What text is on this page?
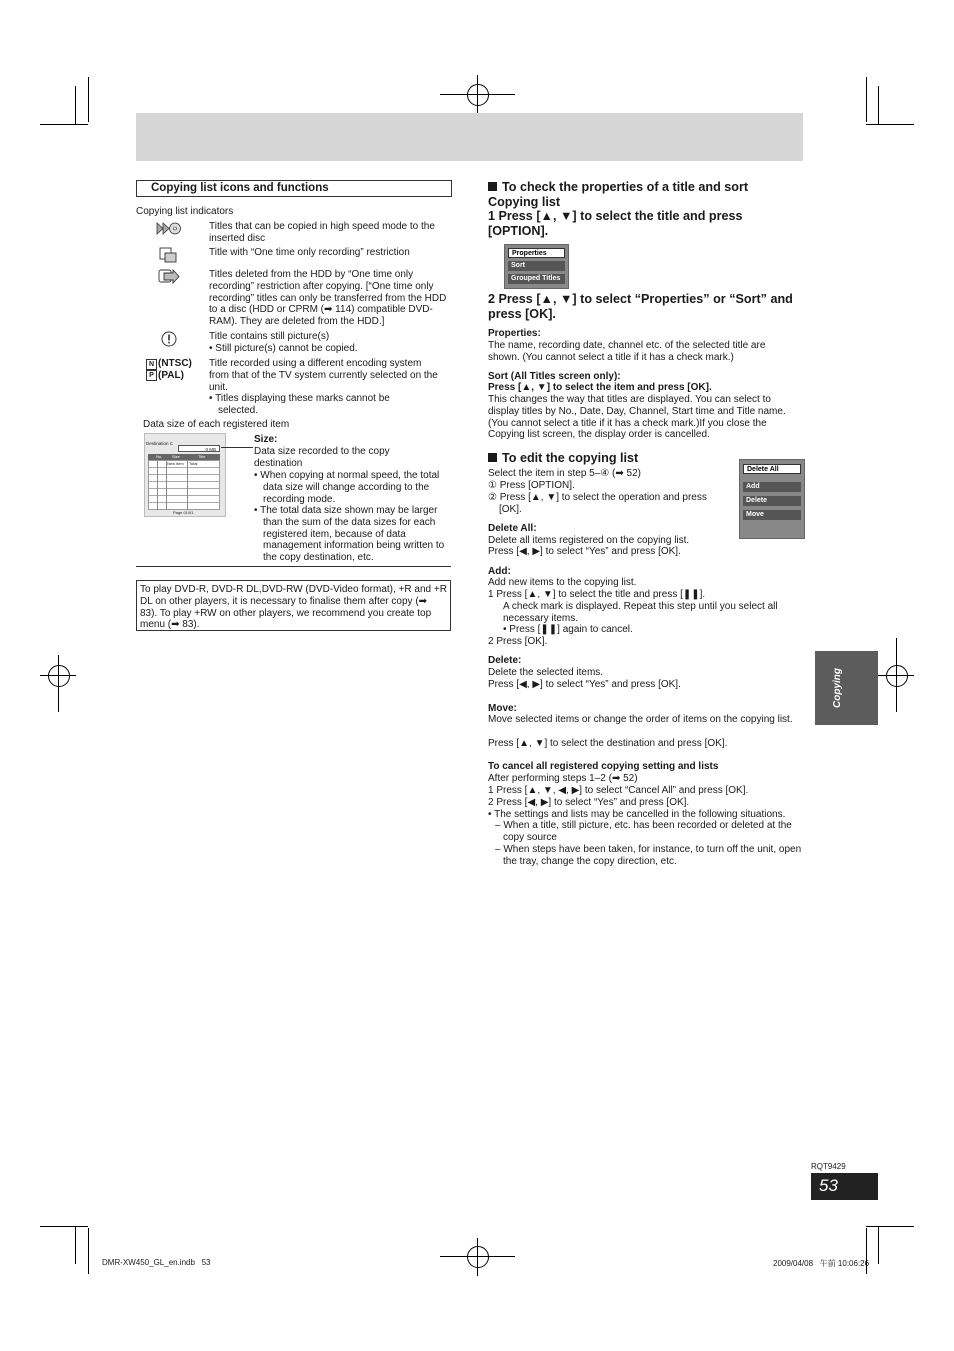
Copying list icons and functions
Copying list indicators
Titles that can be copied in high speed mode to the inserted disc
Title with “One time only recording” restriction
Titles deleted from the HDD by “One time only recording” restriction after copying. [“One time only recording” titles can only be transferred from the HDD to a disc (HDD or CPRM (➡ 114) compatible DVD-RAM). They are deleted from the HDD.]
Title contains still picture(s)
• Still picture(s) cannot be copied.
N (NTSC)
P (PAL)
Title recorded using a different encoding system from that of the TV system currently selected on the unit.
• Titles displaying these marks cannot be selected.
Data size of each registered item
Destination C
0 MB
No. Size	Title
New item Total
Page 01/01
Size:
Data size recorded to the copy destination
• When copying at normal speed, the total data size will change according to the recording mode.
• The total data size shown may be larger than the sum of the data sizes for each registered item, because of data management information being written to the copy destination, etc.
To play DVD-R, DVD-R DL,DVD-RW (DVD-Video format), +R and +R DL on other players, it is necessary to finalise them after copy (➡ 83). To play +RW on other players, we recommend you create top menu (➡ 83).
To check the properties of a title and sort Copying list
1 Press [▲, ▼] to select the title and press [OPTION].
Properties
Sort
Grouped Titles
2 Press [▲, ▼] to select “Properties” or “Sort” and press [OK].
Properties:
The name, recording date, channel etc. of the selected title are shown. (You cannot select a title if it has a check mark.)
Sort (All Titles screen only):
Press [▲, ▼] to select the item and press [OK].
This changes the way that titles are displayed. You can select to display titles by No., Date, Day, Channel, Start time and Title name. (You cannot select a title if it has a check mark.)If you close the Copying list screen, the display order is cancelled.
To edit the copying list
Select the item in step 5–④ (➡ 52)
① Press [OPTION].
② Press [▲, ▼] to select the operation and press [OK].
Delete All
Add
Delete
Move
Delete All:
Delete all items registered on the copying list.
Press [◀, ▶] to select “Yes” and press [OK].
Add:
Add new items to the copying list.
1 Press [▲, ▼] to select the title and press [❚❚].
A check mark is displayed. Repeat this step until you select all necessary items.
• Press [❚❚] again to cancel.
2 Press [OK].
Delete:
Delete the selected items.
Press [◀, ▶] to select “Yes” and press [OK].
Move:
Move selected items or change the order of items on the copying list.
Press [▲, ▼] to select the destination and press [OK].
To cancel all registered copying setting and lists
After performing steps 1–2 (➡ 52)
1 Press [▲, ▼, ◀, ▶] to select “Cancel All” and press [OK].
2 Press [◀, ▶] to select “Yes” and press [OK].
• The settings and lists may be cancelled in the following situations.
– When a title, still picture, etc. has been recorded or deleted at the copy source
– When steps have been taken, for instance, to turn off the unit, open the tray, change the copy direction, etc.
Copying
RQT9429
53
DMR-XW450_GL_en.indb   53	2009/04/08   午前 10:06:26
